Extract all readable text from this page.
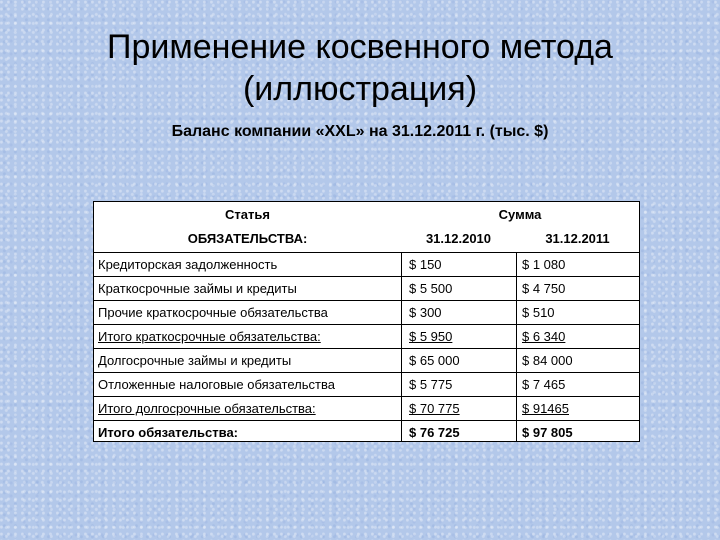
Применение косвенного метода
(иллюстрация)
Баланс компании «XXL» на 31.12.2011 г. (тыс. $)
Статья	Сумма
ОБЯЗАТЕЛЬСТВА:	31.12.2010	31.12.2011
Кредиторская задолженность	$ 150	$ 1 080
Краткосрочные займы и кредиты	$ 5 500	$ 4 750
Прочие краткосрочные обязательства	$ 300	$ 510
Итого краткосрочные обязательства:	$ 5 950	$ 6 340
Долгосрочные займы и кредиты	$ 65 000	$ 84 000
Отложенные налоговые обязательства	$ 5 775	$ 7 465
Итого долгосрочные обязательства:	$ 70 775	$ 91465
Итого обязательства:	$ 76 725	$ 97 805
